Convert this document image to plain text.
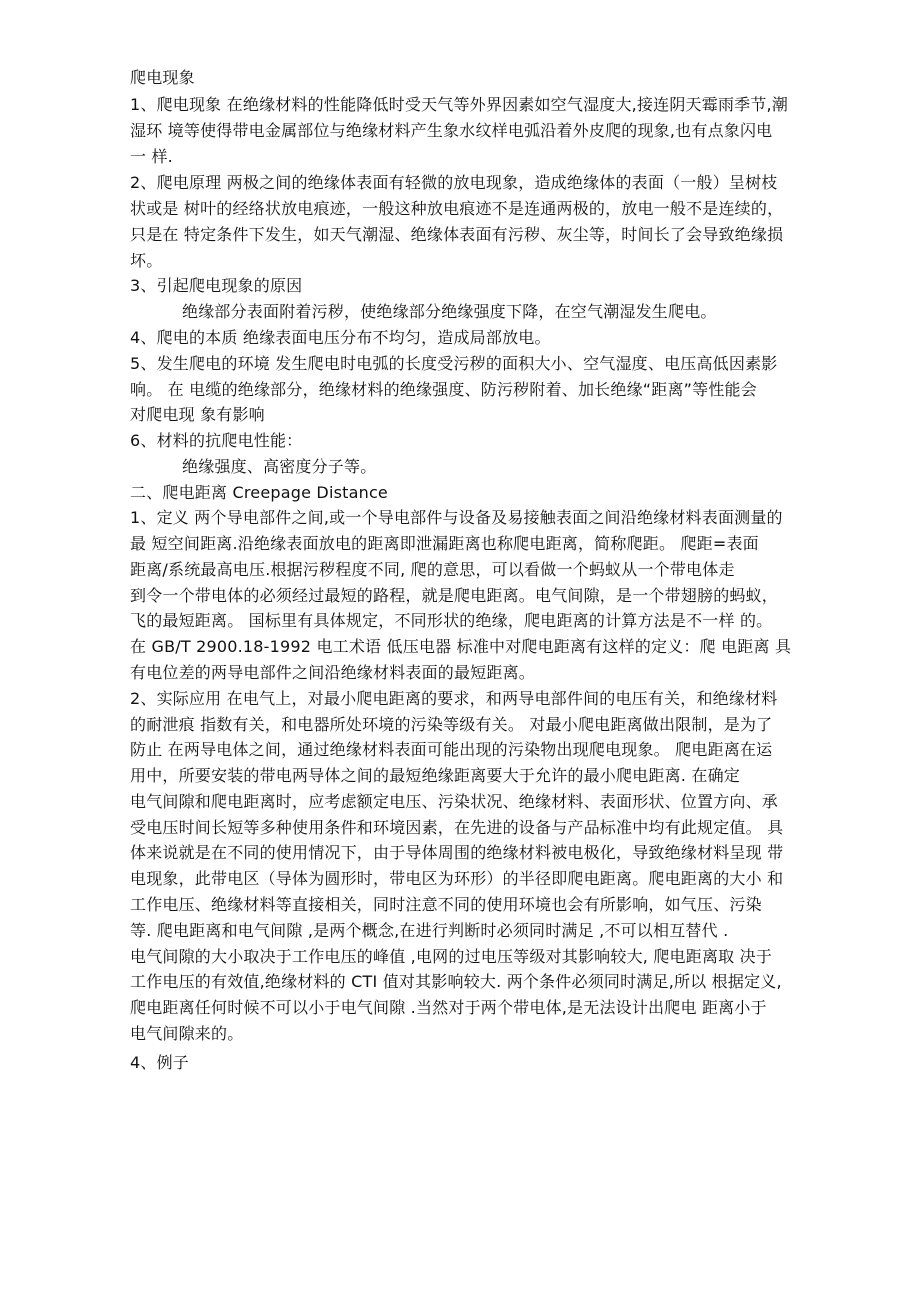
爬电现象
1、爬电现象 在绝缘材料的性能降低时受天气等外界因素如空气湿度大,接连阴天霉雨季节,潮
湿环 境等使得带电金属部位与绝缘材料产生象水纹样电弧沿着外皮爬的现象,也有点象闪电
一 样.
2、爬电原理 两极之间的绝缘体表面有轻微的放电现象，造成绝缘体的表面（一般）呈树枝
状或是 树叶的经络状放电痕迹，一般这种放电痕迹不是连通两极的，放电一般不是连续的，
只是在 特定条件下发生，如天气潮湿、绝缘体表面有污秽、灰尘等，时间长了会导致绝缘损
坏。
3、引起爬电现象的原因
绝缘部分表面附着污秽，使绝缘部分绝缘强度下降，在空气潮湿发生爬电。
4、爬电的本质 绝缘表面电压分布不均匀，造成局部放电。
5、发生爬电的环境 发生爬电时电弧的长度受污秽的面积大小、空气湿度、电压高低因素影
响。 在 电缆的绝缘部分，绝缘材料的绝缘强度、防污秽附着、加长绝缘“距离”等性能会
对爬电现 象有影响
6、材料的抗爬电性能：
绝缘强度、高密度分子等。
二、爬电距离 Creepage Distance
1、定义 两个导电部件之间,或一个导电部件与设备及易接触表面之间沿绝缘材料表面测量的
最 短空间距离.沿绝缘表面放电的距离即泄漏距离也称爬电距离，简称爬距。 爬距=表面
距离/系统最高电压.根据污秽程度不同, 爬的意思，可以看做一个蚂蚁从一个带电体走
到令一个带电体的必须经过最短的路程，就是爬电距离。电气间隙，是一个带翅膀的蚂蚁，
飞的最短距离。 国标里有具体规定，不同形状的绝缘，爬电距离的计算方法是不一样 的。
在 GB/T 2900.18-1992 电工术语 低压电器 标准中对爬电距离有这样的定义：爬 电距离 具
有电位差的两导电部件之间沿绝缘材料表面的最短距离。
2、实际应用 在电气上，对最小爬电距离的要求，和两导电部件间的电压有关，和绝缘材料
的耐泄痕 指数有关，和电器所处环境的污染等级有关。 对最小爬电距离做出限制，是为了
防止 在两导电体之间，通过绝缘材料表面可能出现的污染物出现爬电现象。 爬电距离在运
用中，所要安装的带电两导体之间的最短绝缘距离要大于允许的最小爬电距离. 在确定
电气间隙和爬电距离时，应考虑额定电压、污染状况、绝缘材料、表面形状、位置方向、承
受电压时间长短等多种使用条件和环境因素，在先进的设备与产品标准中均有此规定值。 具
体来说就是在不同的使用情况下，由于导体周围的绝缘材料被电极化，导致绝缘材料呈现 带
电现象，此带电区（导体为圆形时，带电区为环形）的半径即爬电距离。爬电距离的大小 和
工作电压、绝缘材料等直接相关，同时注意不同的使用环境也会有所影响，如气压、污染
等. 爬电距离和电气间隙 ,是两个概念,在进行判断时必须同时满足 ,不可以相互替代 .
电气间隙的大小取决于工作电压的峰值 ,电网的过电压等级对其影响较大, 爬电距离取 决于
工作电压的有效值,绝缘材料的 CTI 值对其影响较大. 两个条件必须同时满足,所以 根据定义,
爬电距离任何时候不可以小于电气间隙 .当然对于两个带电体,是无法设计出爬电 距离小于
电气间隙来的。
4、例子
